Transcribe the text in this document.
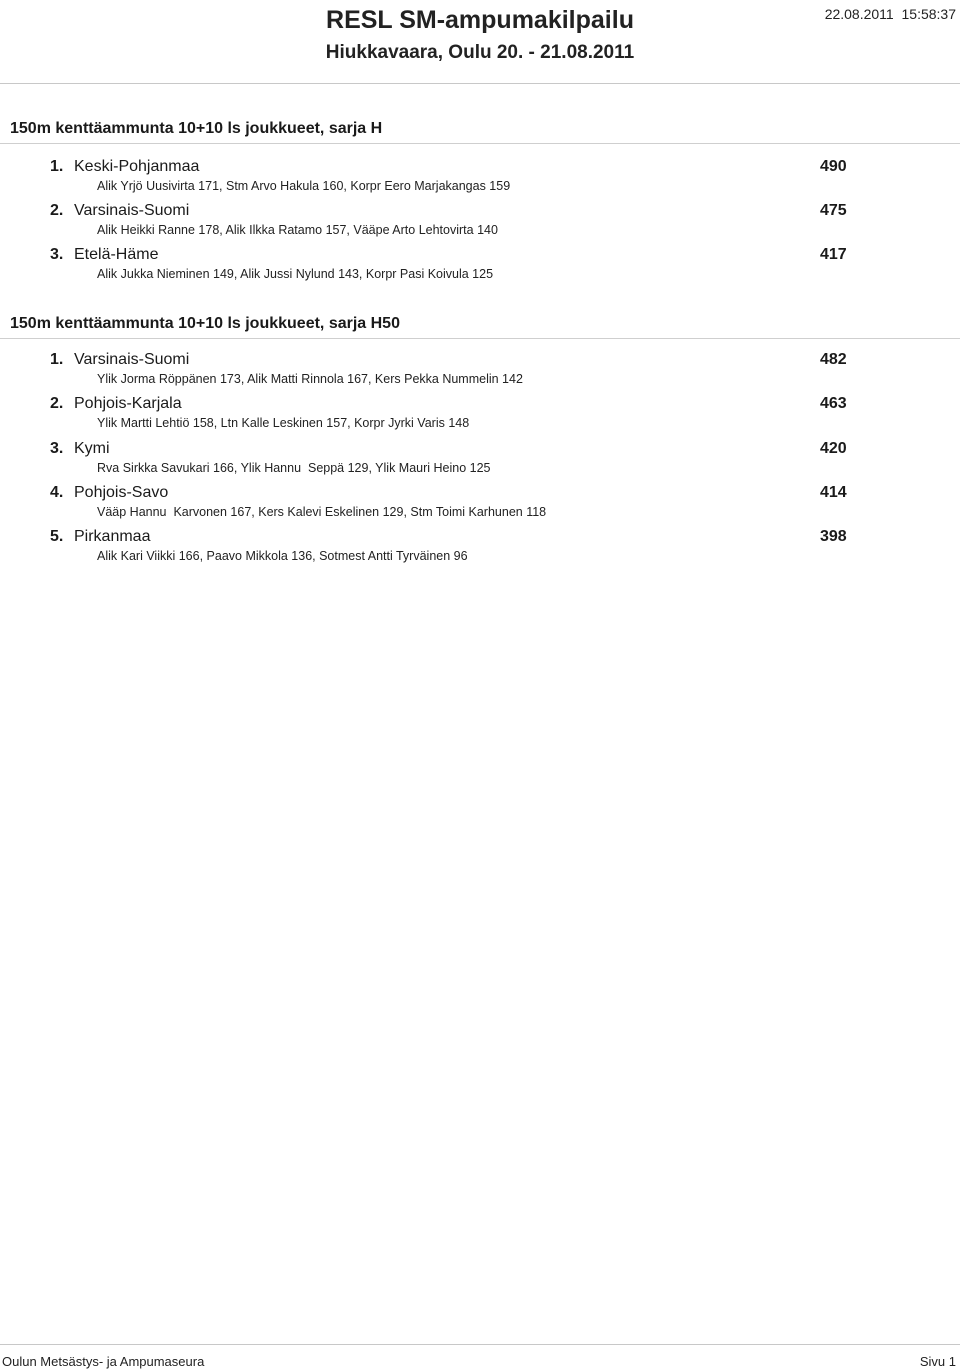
RESL SM-ampumakilpailu
Hiukkavaara, Oulu 20. - 21.08.2011
22.08.2011  15:58:37
150m kenttäammunta 10+10 ls joukkueet, sarja H
1. Keski-Pohjanmaa	490
Alik Yrjö Uusivirta 171, Stm Arvo Hakula 160, Korpr Eero Marjakangas 159
2. Varsinais-Suomi	475
Alik Heikki Ranne 178, Alik Ilkka Ratamo 157, Vääpe Arto Lehtovirta 140
3. Etelä-Häme	417
Alik Jukka Nieminen 149, Alik Jussi Nylund 143, Korpr Pasi Koivula 125
150m kenttäammunta 10+10 ls joukkueet, sarja H50
1. Varsinais-Suomi	482
Ylik Jorma Röppänen 173, Alik Matti Rinnola 167, Kers Pekka Nummelin 142
2. Pohjois-Karjala	463
Ylik Martti Lehtiö 158, Ltn Kalle Leskinen 157, Korpr Jyrki Varis 148
3. Kymi	420
Rva Sirkka Savukari 166, Ylik Hannu  Seppä 129, Ylik Mauri Heino 125
4. Pohjois-Savo	414
Vääp Hannu  Karvonen 167, Kers Kalevi Eskelinen 129, Stm Toimi Karhunen 118
5. Pirkanmaa	398
Alik Kari Viikki 166, Paavo Mikkola 136, Sotmest Antti Tyrväinen 96
Oulun Metsästys- ja Ampumaseura	Sivu 1
